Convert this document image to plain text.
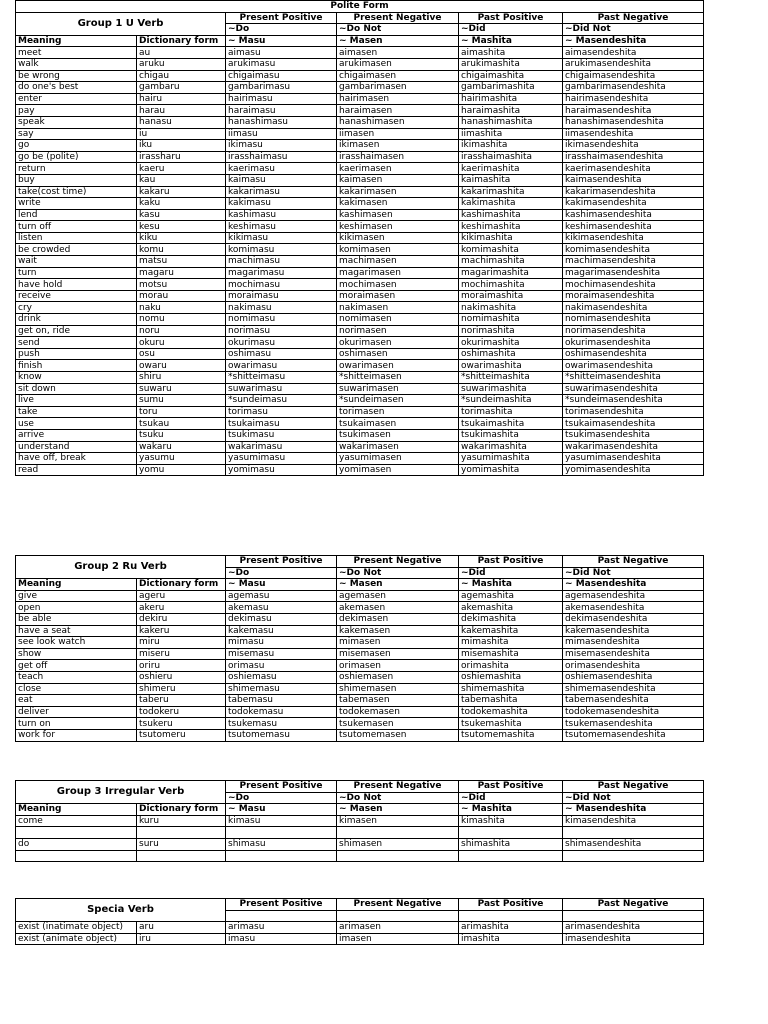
Polite Form					
Group 1 U Verb		Present Positive	Present Negative	Past Positive	Past Negative
		~Do	~Do Not	~Did	~Did Not
Meaning	Dictionary form	~ Masu	~ Masen	~ Mashita	~ Masendeshita
meet	au	aimasu	aimasen	aimashita	aimasendeshita
walk	aruku	arukimasu	arukimasen	arukimashita	arukimasendeshita
be wrong	chigau	chigaimasu	chigaimasen	chigaimashita	chigaimasendeshita
do one's best	gambaru	gambarimasu	gambarimasen	gambarimashita	gambarimasendeshita
enter	hairu	hairimasu	hairimasen	hairimashita	hairimasendeshita
pay	harau	haraimasu	haraimasen	haraimashita	haraimasendeshita
speak	hanasu	hanashimasu	hanashimasen	hanashimashita	hanashimasendeshita
say	iu	iimasu	iimasen	iimashita	iimasendeshita
go	iku	ikimasu	ikimasen	ikimashita	ikimasendeshita
go be (polite)	irassharu	irasshaimasu	irasshaimasen	irasshaimashita	irasshaimasendeshita
return	kaeru	kaerimasu	kaerimasen	kaerimashita	kaerimasendeshita
buy	kau	kaimasu	kaimasen	kaimashita	kaimasendeshita
take(cost time)	kakaru	kakarimasu	kakarimasen	kakarimashita	kakarimasendeshita
write	kaku	kakimasu	kakimasen	kakimashita	kakimasendeshita
lend	kasu	kashimasu	kashimasen	kashimashita	kashimasendeshita
turn off	kesu	keshimasu	keshimasen	keshimashita	keshimasendeshita
listen	kiku	kikimasu	kikimasen	kikimashita	kikimasendeshita
be crowded	komu	komimasu	komimasen	komimashita	komimasendeshita
wait	matsu	machimasu	machimasen	machimashita	machimasendeshita
turn	magaru	magarimasu	magarimasen	magarimashita	magarimasendeshita
have hold	motsu	mochimasu	mochimasen	mochimashita	mochimasendeshita
receive	morau	moraimasu	moraimasen	moraimashita	moraimasendeshita
cry	naku	nakimasu	nakimasen	nakimashita	nakimasendeshita
drink	nomu	nomimasu	nomimasen	nomimashita	nomimasendeshita
get on, ride	noru	norimasu	norimasen	norimashita	norimasendeshita
send	okuru	okurimasu	okurimasen	okurimashita	okurimasendeshita
push	osu	oshimasu	oshimasen	oshimashita	oshimasendeshita
finish	owaru	owarimasu	owarimasen	owarimashita	owarimasendeshita
know	shiru	*shitteimasu	*shitteimasen	*shitteimashita	*shitteimasendeshita
sit down	suwaru	suwarimasu	suwarimasen	suwarimashita	suwarimasendeshita
live	sumu	*sundeimasu	*sundeimasen	*sundeimashita	*sundeimasendeshita
take	toru	torimasu	torimasen	torimashita	torimasendeshita
use	tsukau	tsukaimasu	tsukaimasen	tsukaimashita	tsukaimasendeshita
arrive	tsuku	tsukimasu	tsukimasen	tsukimashita	tsukimasendeshita
understand	wakaru	wakarimasu	wakarimasen	wakarimashita	wakarimasendeshita
have off, break	yasumu	yasumimasu	yasumimasen	yasumimashita	yasumimasendeshita
read	yomu	yomimasu	yomimasen	yomimashita	yomimasendeshita
Group 2 Ru Verb		Present Positive	Present Negative	Past Positive	Past Negative
		~Do	~Do Not	~Did	~Did Not
Meaning	Dictionary form	~ Masu	~ Masen	~ Mashita	~ Masendeshita
give	ageru	agemasu	agemasen	agemashita	agemasendeshita
open	akeru	akemasu	akemasen	akemashita	akemasendeshita
be able	dekiru	dekimasu	dekimasen	dekimashita	dekimasendeshita
have a seat	kakeru	kakemasu	kakemasen	kakemashita	kakemasendeshita
see look watch	miru	mimasu	mimasen	mimashita	mimasendeshita
show	miseru	misemasu	misemasen	misemashita	misemasendeshita
get off	oriru	orimasu	orimasen	orimashita	orimasendeshita
teach	oshieru	oshiemasu	oshiemasen	oshiemashita	oshiemasendeshita
close	shimeru	shimemasu	shimemasen	shimemashita	shimemasendeshita
eat	taberu	tabemasu	tabemasen	tabemashita	tabemasendeshita
deliver	todokeru	todokemasu	todokemasen	todokemashita	todokemasendeshita
turn on	tsukeru	tsukemasu	tsukemasen	tsukemashita	tsukemasendeshita
work for	tsutomeru	tsutomemasu	tsutomemasen	tsutomemashita	tsutomemasendeshita
Group 3 Irregular Verb		Present Positive	Present Negative	Past Positive	Past Negative
		~Do	~Do Not	~Did	~Did Not
Meaning	Dictionary form	~ Masu	~ Masen	~ Mashita	~ Masendeshita
come	kuru	kimasu	kimasen	kimashita	kimasendeshita

do	suru	shimasu	shimasen	shimashita	shimasendeshita

Specia Verb		Present Positive	Present Negative	Past Positive	Past Negative

exist (inatimate object)	aru	arimasu	arimasen	arimashita	arimasendeshita
exist (animate object)	iru	imasu	imasen	imashita	imasendeshita
